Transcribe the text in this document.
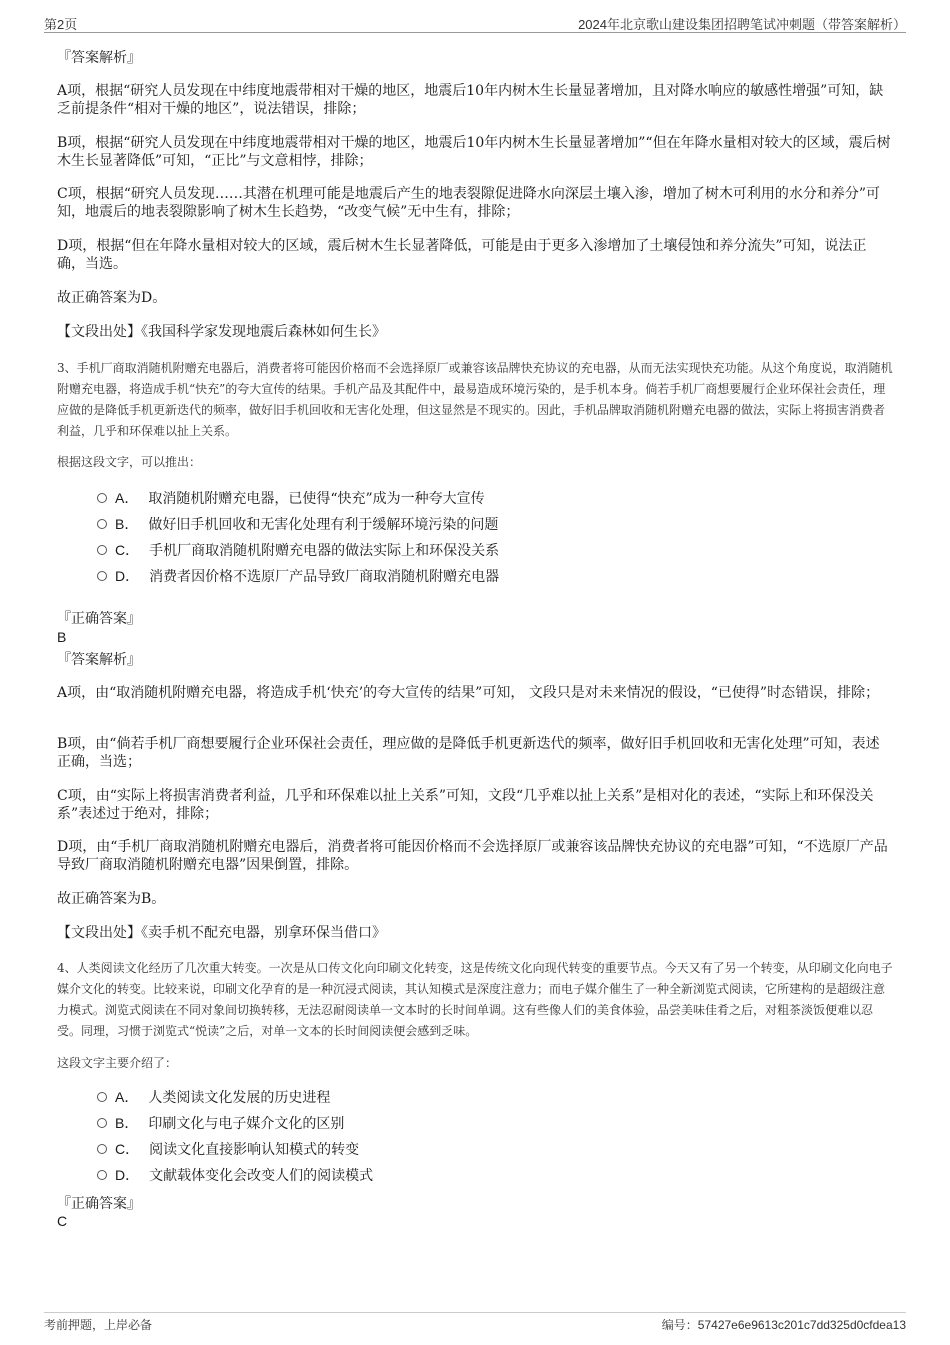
第2页	2024年北京歌山建设集团招聘笔试冲刺题（带答案解析）
『答案解析』
A项，根据“研究人员发现在中纬度地震带相对干燥的地区，地震后10年内树木生长量显著增加，且对降水响应的敏感性增强”可知，缺乏前提条件“相对干燥的地区”，说法错误，排除；
B项，根据“研究人员发现在中纬度地震带相对干燥的地区，地震后10年内树木生长量显著增加”“但在年降水量相对较大的区域，震后树木生长显著降低”可知，“正比”与文意相悖，排除；
C项，根据“研究人员发现……其潜在机理可能是地震后产生的地表裂隙促进降水向深层土壤入渗，增加了树木可利用的水分和养分”可知，地震后的地表裂隙影响了树木生长趋势，“改变气候”无中生有，排除；
D项，根据“但在年降水量相对较大的区域，震后树木生长显著降低，可能是由于更多入渗增加了土壤侵蚀和养分流失”可知，说法正确，当选。
故正确答案为D。
【文段出处】《我国科学家发现地震后森林如何生长》
3、手机厂商取消随机附赠充电器后，消费者将可能因价格而不会选择原厂或兼容该品牌快充协议的充电器，从而无法实现快充功能。从这个角度说，取消随机附赠充电器，将造成手机“快充”的夸大宣传的结果。手机产品及其配件中，最易造成环境污染的，是手机本身。倘若手机厂商想要履行企业环保社会责任，理应做的是降低手机更新迭代的频率，做好旧手机回收和无害化处理，但这显然是不现实的。因此，手机品牌取消随机附赠充电器的做法，实际上将损害消费者利益，几乎和环保难以扯上关系。
根据这段文字，可以推出：
A． 取消随机附赠充电器，已使得“快充”成为一种夸大宣传
B． 做好旧手机回收和无害化处理有利于缓解环境污染的问题
C． 手机厂商取消随机附赠充电器的做法实际上和环保没关系
D． 消费者因价格不选原厂产品导致厂商取消随机附赠充电器
『正确答案』
B
『答案解析』
A项，由“取消随机附赠充电器，将造成手机‘快充’的夸大宣传的结果”可知， 文段只是对未来情况的假设，“已使得”时态错误，排除；
B项，由“倘若手机厂商想要履行企业环保社会责任，理应做的是降低手机更新迭代的频率，做好旧手机回收和无害化处理”可知，表述正确，当选；
C项，由“实际上将损害消费者利益，几乎和环保难以扯上关系”可知，文段“几乎难以扯上关系”是相对化的表述，“实际上和环保没关系”表述过于绝对，排除；
D项，由“手机厂商取消随机附赠充电器后，消费者将可能因价格而不会选择原厂或兼容该品牌快充协议的充电器”可知，“不选原厂产品导致厂商取消随机附赠充电器”因果倒置，排除。
故正确答案为B。
【文段出处】《卖手机不配充电器，别拿环保当借口》
4、人类阅读文化经历了几次重大转变。一次是从口传文化向印刷文化转变，这是传统文化向现代转变的重要节点。今天又有了另一个转变，从印刷文化向电子媒介文化的转变。比较来说，印刷文化孕育的是一种沉浸式阅读，其认知模式是深度注意力；而电子媒介催生了一种全新浏览式阅读，它所建构的是超级注意力模式。浏览式阅读在不同对象间切换转移，无法忍耐阅读单一文本时的长时间单调。这有些像人们的美食体验，品尝美味佳肴之后，对粗茶淡饭便难以忍受。同理，习惯于浏览式“悦读”之后，对单一文本的长时间阅读便会感到乏味。
这段文字主要介绍了：
A． 人类阅读文化发展的历史进程
B． 印刷文化与电子媒介文化的区别
C． 阅读文化直接影响认知模式的转变
D． 文献载体变化会改变人们的阅读模式
『正确答案』
C
考前押题，上岸必备	编号：57427e6e9613c201c7dd325d0cfdea13
